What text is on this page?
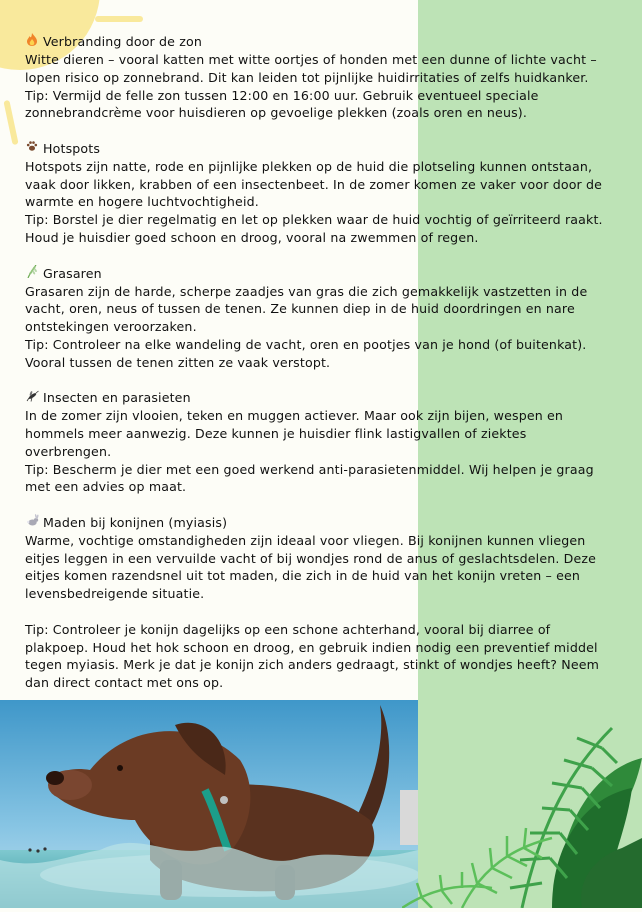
Verbranding door de zon

Witte dieren – vooral katten met witte oortjes of honden met een dunne of lichte vacht – lopen risico op zonnebrand. Dit kan leiden tot pijnlijke huidirritaties of zelfs huidkanker.

Tip: Vermijd de felle zon tussen 12:00 en 16:00 uur. Gebruik eventueel speciale zonnebrandcrème voor huisdieren op gevoelige plekken (zoals oren en neus).

Hotspots

Hotspots zijn natte, rode en pijnlijke plekken op de huid die plotseling kunnen ontstaan, vaak door likken, krabben of een insectenbeet. In de zomer komen ze vaker voor door de warmte en hogere luchtvochtigheid.

Tip: Borstel je dier regelmatig en let op plekken waar de huid vochtig of geïrriteerd raakt. Houd je huisdier goed schoon en droog, vooral na zwemmen of regen.

Grasaren

Grasaren zijn de harde, scherpe zaadjes van gras die zich gemakkelijk vastzetten in de vacht, oren, neus of tussen de tenen. Ze kunnen diep in de huid doordringen en nare ontstekingen veroorzaken.

Tip: Controleer na elke wandeling de vacht, oren en pootjes van je hond (of buitenkat). Vooral tussen de tenen zitten ze vaak verstopt.

Insecten en parasieten

In de zomer zijn vlooien, teken en muggen actiever. Maar ook zijn bijen, wespen en hommels meer aanwezig. Deze kunnen je huisdier flink lastigvallen of ziektes overbrengen.

Tip: Bescherm je dier met een goed werkend anti-parasietenmiddel. Wij helpen je graag met een advies op maat.

Maden bij konijnen (myiasis)

Warme, vochtige omstandigheden zijn ideaal voor vliegen. Bij konijnen kunnen vliegen eitjes leggen in een vervuilde vacht of bij wondjes rond de anus of geslachtsdelen. Deze eitjes komen razendsnel uit tot maden, die zich in de huid van het konijn vreten – een levensbedreigende situatie.

Tip: Controleer je konijn dagelijks op een schone achterhand, vooral bij diarree of plakpoep. Houd het hok schoon en droog, en gebruik indien nodig een preventief middel tegen myiasis. Merk je dat je konijn zich anders gedraagt, stinkt of wondjes heeft? Neem dan direct contact met ons op.
